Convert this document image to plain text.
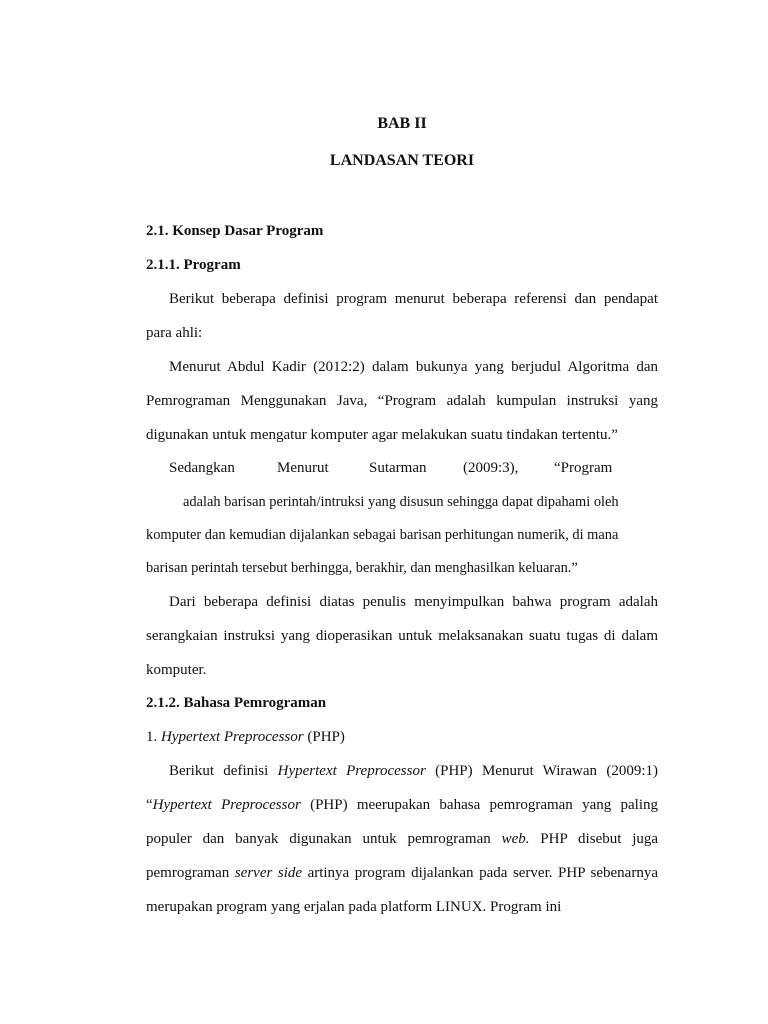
BAB II
LANDASAN TEORI
2.1. Konsep Dasar Program
2.1.1. Program
Berikut beberapa definisi program menurut beberapa referensi dan pendapat
para ahli:
Menurut Abdul Kadir (2012:2) dalam bukunya yang berjudul Algoritma dan
Pemrograman Menggunakan Java, “Program adalah kumpulan instruksi yang
digunakan untuk mengatur komputer agar melakukan suatu tindakan tertentu.”
Sedangkan	Menurut	Sutarman (2009:3), “Program
adalah barisan perintah/intruksi yang disusun sehingga dapat dipahami oleh
komputer dan kemudian dijalankan sebagai barisan perhitungan numerik, di mana
barisan perintah tersebut berhingga, berakhir, dan menghasilkan keluaran.”
Dari beberapa definisi diatas penulis menyimpulkan bahwa program adalah
serangkaian instruksi yang dioperasikan untuk melaksanakan suatu tugas di dalam
komputer.
2.1.2. Bahasa Pemrograman
1. Hypertext Preprocessor (PHP)
Berikut definisi Hypertext Preprocessor (PHP) Menurut Wirawan (2009:1)
“Hypertext Preprocessor (PHP) meerupakan bahasa pemrograman yang paling
populer dan banyak digunakan untuk pemrograman web. PHP disebut juga
pemrograman server side artinya program dijalankan pada server. PHP sebenarnya
merupakan program yang erjalan pada platform LINUX. Program ini
